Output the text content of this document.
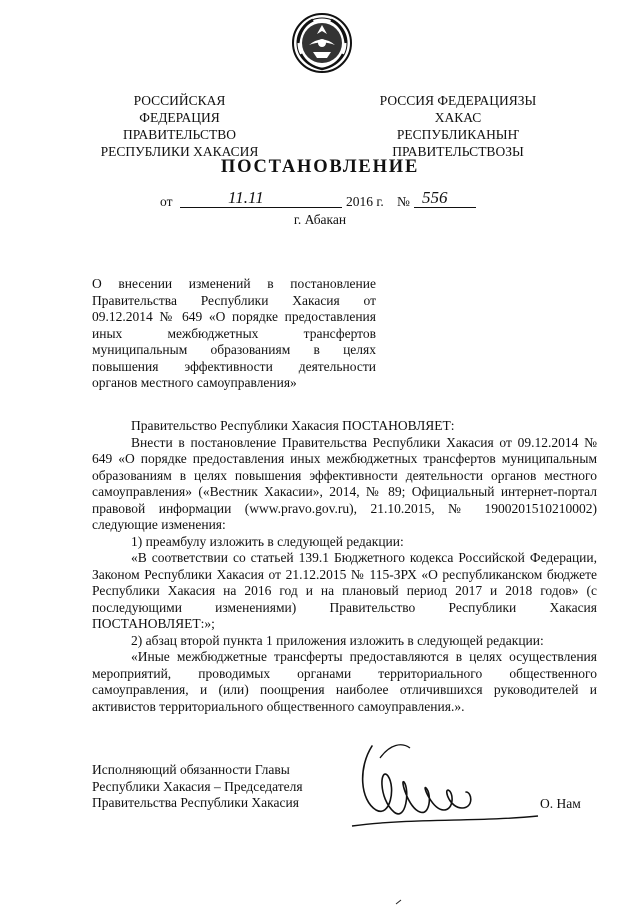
РОССИЙСКАЯ ФЕДЕРАЦИЯ
ПРАВИТЕЛЬСТВО
РЕСПУБЛИКИ ХАКАСИЯ
РОССИЯ ФЕДЕРАЦИЯЗЫ
ХАКАС РЕСПУБЛИКАНЫҤ
ПРАВИТЕЛЬСТВОЗЫ
ПОСТАНОВЛЕНИЕ
от	11.11	2016 г. № 556
г. Абакан
О внесении изменений в постановление Правительства Республики Хакасия от 09.12.2014 № 649 «О порядке предоставления иных межбюджетных трансфертов муниципальным образованиям в целях повышения эффективности деятельности органов местного самоуправления»

Правительство Республики Хакасия ПОСТАНОВЛЯЕТ:

Внести в постановление Правительства Республики Хакасия от 09.12.2014 № 649 «О порядке предоставления иных межбюджетных трансфертов муниципальным образованиям в целях повышения эффективности деятельности органов местного самоуправления» («Вестник Хакасии», 2014, № 89; Официальный интернет-портал правовой информации (www.pravo.gov.ru), 21.10.2015, № 1900201510210002) следующие изменения:

1) преамбулу изложить в следующей редакции:

«В соответствии со статьей 139.1 Бюджетного кодекса Российской Федерации, Законом Республики Хакасия от 21.12.2015 № 115-ЗРХ «О республиканском бюджете Республики Хакасия на 2016 год и на плановый период 2017 и 2018 годов» (с последующими изменениями) Правительство Республики Хакасия ПОСТАНОВЛЯЕТ:»;

2) абзац второй пункта 1 приложения изложить в следующей редакции:

«Иные межбюджетные трансферты предоставляются в целях осуществления мероприятий, проводимых органами территориального общественного самоуправления, и (или) поощрения наиболее отличившихся руководителей и активистов территориального общественного самоуправления.».

Исполняющий обязанности Главы
Республики Хакасия – Председателя
Правительства Республики Хакасия	О. Нам
